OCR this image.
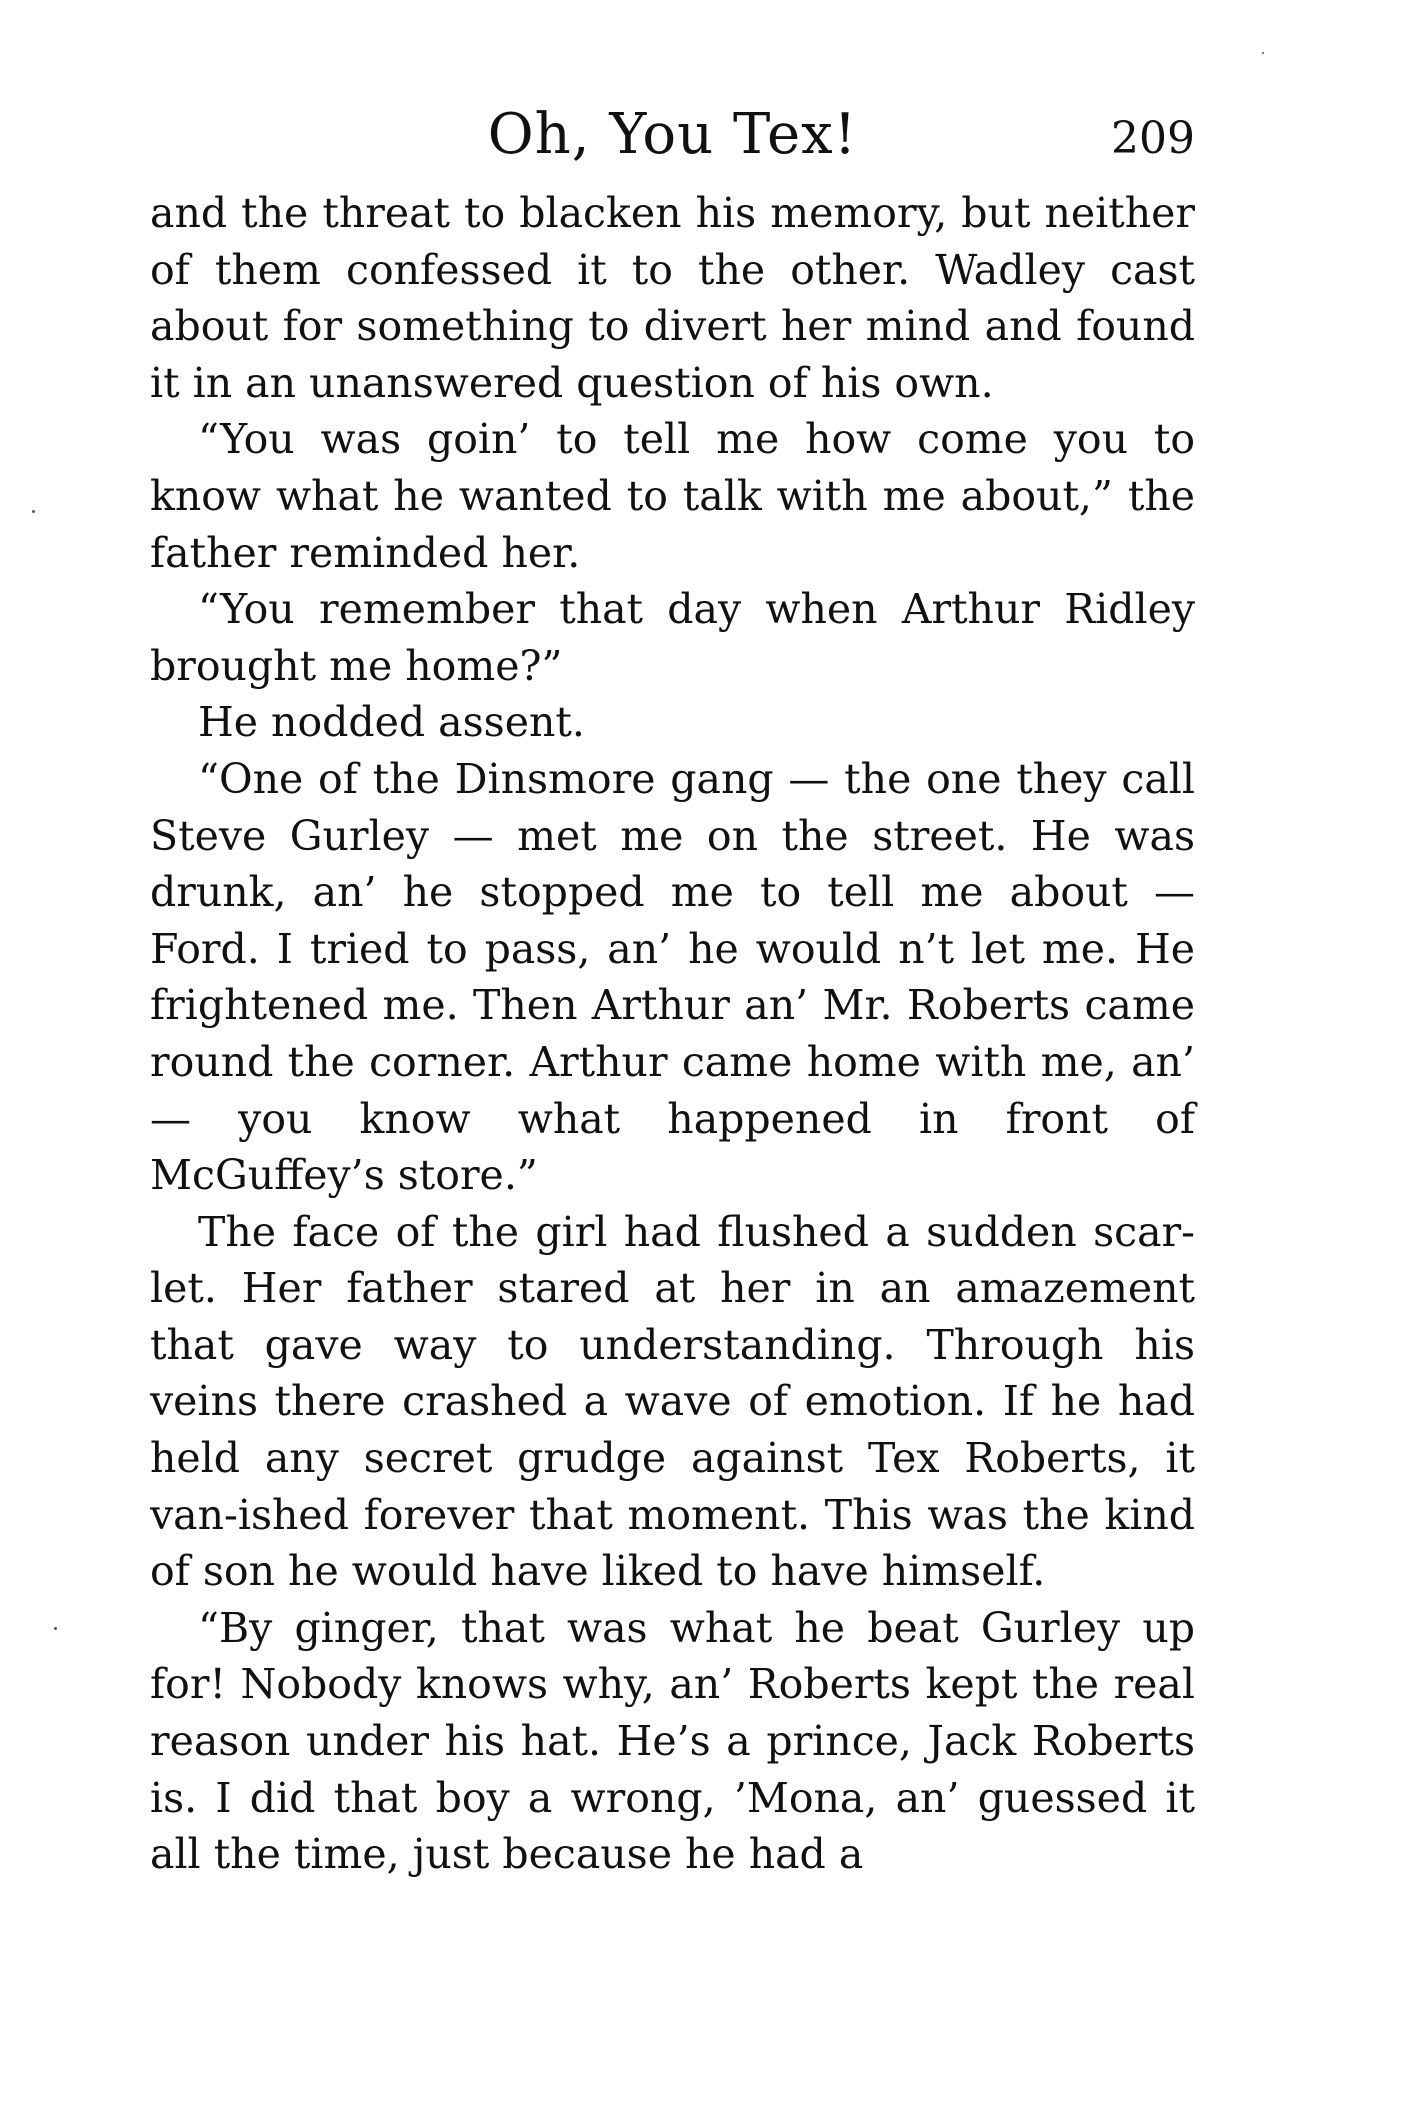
Oh, You Tex!	209

and the threat to blacken his memory, but neither of them confessed it to the other. Wadley cast about for something to divert her mind and found it in an unanswered question of his own.

“You was goin’ to tell me how come you to know what he wanted to talk with me about,” the father reminded her.

“You remember that day when Arthur Ridley brought me home?”

He nodded assent.

“One of the Dinsmore gang — the one they call Steve Gurley — met me on the street. He was drunk, an’ he stopped me to tell me about — Ford. I tried to pass, an’ he would n’t let me. He frightened me. Then Arthur an’ Mr. Roberts came round the corner. Arthur came home with me, an’ — you know what happened in front of McGuffey’s store.”

The face of the girl had flushed a sudden scar-let. Her father stared at her in an amazement that gave way to understanding. Through his veins there crashed a wave of emotion. If he had held any secret grudge against Tex Roberts, it van-ished forever that moment. This was the kind of son he would have liked to have himself.

“By ginger, that was what he beat Gurley up for! Nobody knows why, an’ Roberts kept the real reason under his hat. He’s a prince, Jack Roberts is. I did that boy a wrong, ’Mona, an’ guessed it all the time, just because he had a
